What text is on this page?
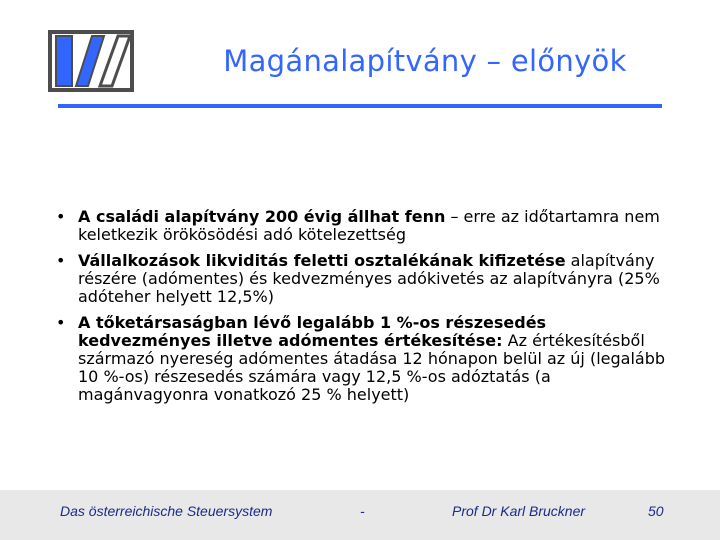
Magánalapítvány – előnyök
• A családi alapítvány 200 évig állhat fenn – erre az időtartamra nem keletkezik örökösödési adó kötelezettség
• Vállalkozások likviditás feletti osztalékának kifizetése alapítvány részére (adómentes) és kedvezményes adókivetés az alapítványra (25% adóteher helyett 12,5%)
• A tőketársaságban lévő legalább 1 %-os részesedés kedvezményes illetve adómentes értékesítése: Az értékesítésből származó nyereség adómentes átadása 12 hónapon belül az új (legalább 10 %-os) részesedés számára vagy 12,5 %-os adóztatás (a magánvagyonra vonatkozó 25 % helyett)
Das österreichische Steuersystem	-	Prof Dr Karl Bruckner	50
